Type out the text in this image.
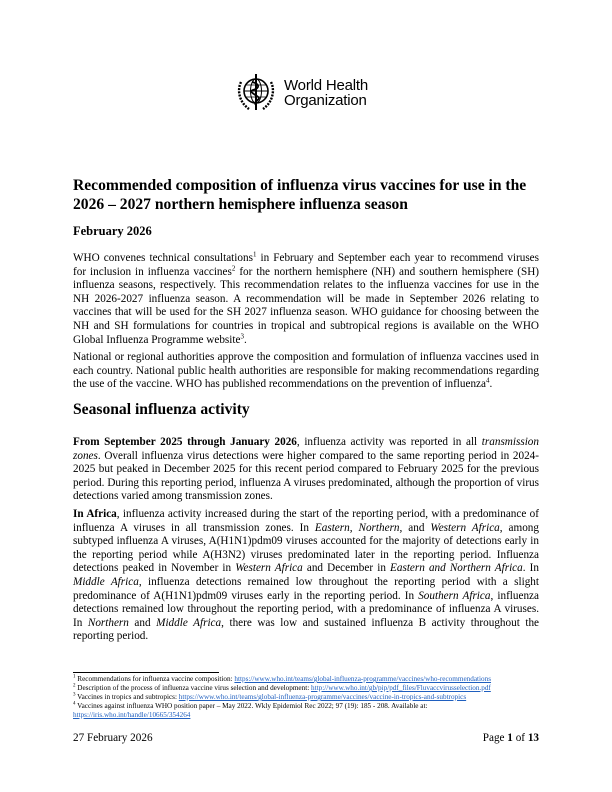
World Health
Organization
Recommended composition of influenza virus vaccines for use in the 2026 – 2027 northern hemisphere influenza season

February 2026

WHO convenes technical consultations$^1$ in February and September each year to recommend viruses for inclusion in influenza vaccines$^2$ for the northern hemisphere (NH) and southern hemisphere (SH) influenza seasons, respectively. This recommendation relates to the influenza vaccines for use in the NH 2026-2027 influenza season. A recommendation will be made in September 2026 relating to vaccines that will be used for the SH 2027 influenza season. WHO guidance for choosing between the NH and SH formulations for countries in tropical and subtropical regions is available on the WHO Global Influenza Programme website$^3$.

National or regional authorities approve the composition and formulation of influenza vaccines used in each country. National public health authorities are responsible for making recommendations regarding the use of the vaccine. WHO has published recommendations on the prevention of influenza$^4$.

Seasonal influenza activity

From September 2025 through January 2026, influenza activity was reported in all transmission zones. Overall influenza virus detections were higher compared to the same reporting period in 2024-2025 but peaked in December 2025 for this recent period compared to February 2025 for the previous period. During this reporting period, influenza A viruses predominated, although the proportion of virus detections varied among transmission zones.

In Africa, influenza activity increased during the start of the reporting period, with a predominance of influenza A viruses in all transmission zones. In Eastern, Northern, and Western Africa, among subtyped influenza A viruses, A(H1N1)pdm09 viruses accounted for the majority of detections early in the reporting period while A(H3N2) viruses predominated later in the reporting period. Influenza detections peaked in November in Western Africa and December in Eastern and Northern Africa. In Middle Africa, influenza detections remained low throughout the reporting period with a slight predominance of A(H1N1)pdm09 viruses early in the reporting period. In Southern Africa, influenza detections remained low throughout the reporting period, with a predominance of influenza A viruses. In Northern and Middle Africa, there was low and sustained influenza B activity throughout the reporting period.

$^1$ Recommendations for influenza vaccine composition: https://www.who.int/teams/global-influenza-programme/vaccines/who-recommendations

$^2$ Description of the process of influenza vaccine virus selection and development: http://www.who.int/gb/pip/pdf_files/Fluvaccvirusselection.pdf

$^3$ Vaccines in tropics and subtropics: https://www.who.int/teams/global-influenza-programme/vaccines/vaccine-in-tropics-and-subtropics

$^4$ Vaccines against influenza WHO position paper – May 2022. Wkly Epidemiol Rec 2022; 97 (19): 185 - 208. Available at:
https://iris.who.int/handle/10665/354264

27 February 2026	Page 1 of 13
